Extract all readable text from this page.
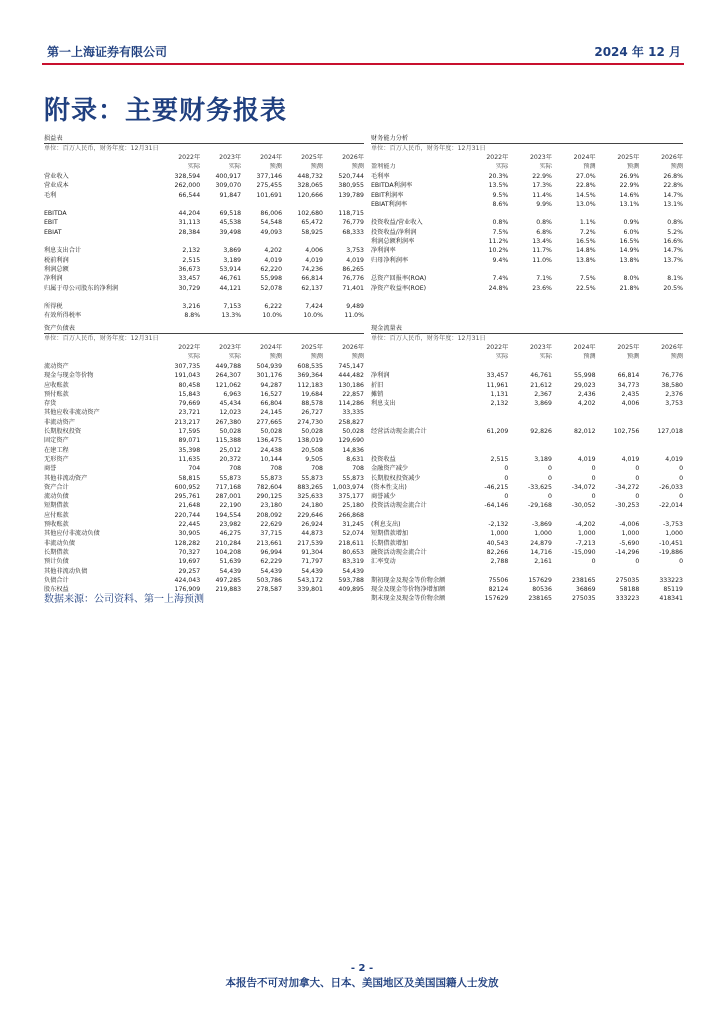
第一上海证券有限公司	2024 年 12 月
附录：主要财务报表
损益表
单位：百万人民币，财务年度：12月31日
	2022年	2023年	2024年	2025年	2026年
	实际	实际	预测	预测	预测
营业收入	328,594	400,917	377,146	448,732	520,744
营业成本	262,000	309,070	275,455	328,065	380,955
毛利	66,544	91,847	101,691	120,666	139,789

EBITDA	44,204	69,518	86,006	102,680	118,715
EBIT	31,113	45,538	54,548	65,472	76,779
EBIAT	28,384	39,498	49,093	58,925	68,333

利息支出合计	2,132	3,869	4,202	4,006	3,753
税前利润	2,515	3,189	4,019	4,019	4,019
利润总额	36,673	53,914	62,220	74,236	86,265
净利润	33,457	46,761	55,998	66,814	76,776
归属于母公司股东的净利润	30,729	44,121	52,078	62,137	71,401

所得税	3,216	7,153	6,222	7,424	9,489
有效所得税率	8.8%	13.3%	10.0%	10.0%	11.0%
财务能力分析
单位：百万人民币，财务年度：12月31日
	2022年	2023年	2024年	2025年	2026年
盈利能力	实际	实际	预测	预测	预测
毛利率	20.3%	22.9%	27.0%	26.9%	26.8%
EBITDA利润率	13.5%	17.3%	22.8%	22.9%	22.8%
EBIT利润率	9.5%	11.4%	14.5%	14.6%	14.7%
EBIAT利润率	8.6%	9.9%	13.0%	13.1%	13.1%

投资收益/营业收入	0.8%	0.8%	1.1%	0.9%	0.8%
投资收益/净利润	7.5%	6.8%	7.2%	6.0%	5.2%
利润总额利润率	11.2%	13.4%	16.5%	16.5%	16.6%
净利润率	10.2%	11.7%	14.8%	14.9%	14.7%
归母净利润率	9.4%	11.0%	13.8%	13.8%	13.7%

总资产回报率(ROA)	7.4%	7.1%	7.5%	8.0%	8.1%
净资产收益率(ROE)	24.8%	23.6%	22.5%	21.8%	20.5%
资产负债表
单位：百万人民币，财务年度：12月31日
	2022年	2023年	2024年	2025年	2026年
	实际	实际	预测	预测	预测
流动资产	307,735	449,788	504,939	608,535	745,147
现金与现金等价物	191,043	264,307	301,176	369,364	444,482
应收账款	80,458	121,062	94,287	112,183	130,186
预付账款	15,843	6,963	16,527	19,684	22,857
存货	79,669	45,434	66,804	88,578	114,286
其他应收非流动资产	23,721	12,023	24,145	26,727	33,335
非流动资产	213,217	267,380	277,665	274,730	258,827
长期股权投资	17,595	50,028	50,028	50,028	50,028
固定资产	89,071	115,388	136,475	138,019	129,690
在建工程	35,398	25,012	24,438	20,508	14,836
无形资产	11,635	20,372	10,144	9,505	8,631
商誉	704	708	708	708	708
其他非流动资产	58,815	55,873	55,873	55,873	55,873
资产合计	600,952	717,168	782,604	883,265	1,003,974
流动负债	295,761	287,001	290,125	325,633	375,177
短期借款	21,648	22,190	23,180	24,180	25,180
应付账款	220,744	194,554	208,092	229,646	266,868
预收账款	22,445	23,982	22,629	26,924	31,245
其他应付非流动负债	30,905	46,275	37,715	44,873	52,074
非流动负债	128,282	210,284	213,661	217,539	218,611
长期借款	70,327	104,208	96,994	91,304	80,653
预计负债	19,697	51,639	62,229	71,797	83,319
其他非流动负债	29,257	54,439	54,439	54,439	54,439
负债合计	424,043	497,285	503,786	543,172	593,788
股东权益	176,909	219,883	278,587	339,801	409,895
现金流量表
单位：百万人民币，财务年度：12月31日
	2022年	2023年	2024年	2025年	2026年
	实际	实际	预测	预测	预测

净利润	33,457	46,761	55,998	66,814	76,776
折旧	11,961	21,612	29,023	34,773	38,580
摊销	1,131	2,367	2,436	2,435	2,376
利息支出	2,132	3,869	4,202	4,006	3,753

经营活动现金流合计	61,209	92,826	82,012	102,756	127,018

投资收益	2,515	3,189	4,019	4,019	4,019
金融资产减少	0	0	0	0	0
长期股权投资减少	0	0	0	0	0
(资本性支出)	-46,215	-33,625	-34,072	-34,272	-26,033
商誉减少	0	0	0	0	0
投资活动现金流合计	-64,146	-29,168	-30,052	-30,253	-22,014

(利息支出)	-2,132	-3,869	-4,202	-4,006	-3,753
短期借款增加	1,000	1,000	1,000	1,000	1,000
长期借款增加	40,543	24,879	-7,213	-5,690	-10,451
融资活动现金流合计	82,266	14,716	-15,090	-14,296	-19,886
汇率变动	2,788	2,161	0	0	0

期初现金及现金等价物余额	75506	157629	238165	275035	333223
现金及现金等价物净增加额	82124	80536	36869	58188	85119
期末现金及现金等价物余额	157629	238165	275035	333223	418341
数据来源：公司资料、第一上海预测
- 2 -
本报告不可对加拿大、日本、美国地区及美国国籍人士发放
